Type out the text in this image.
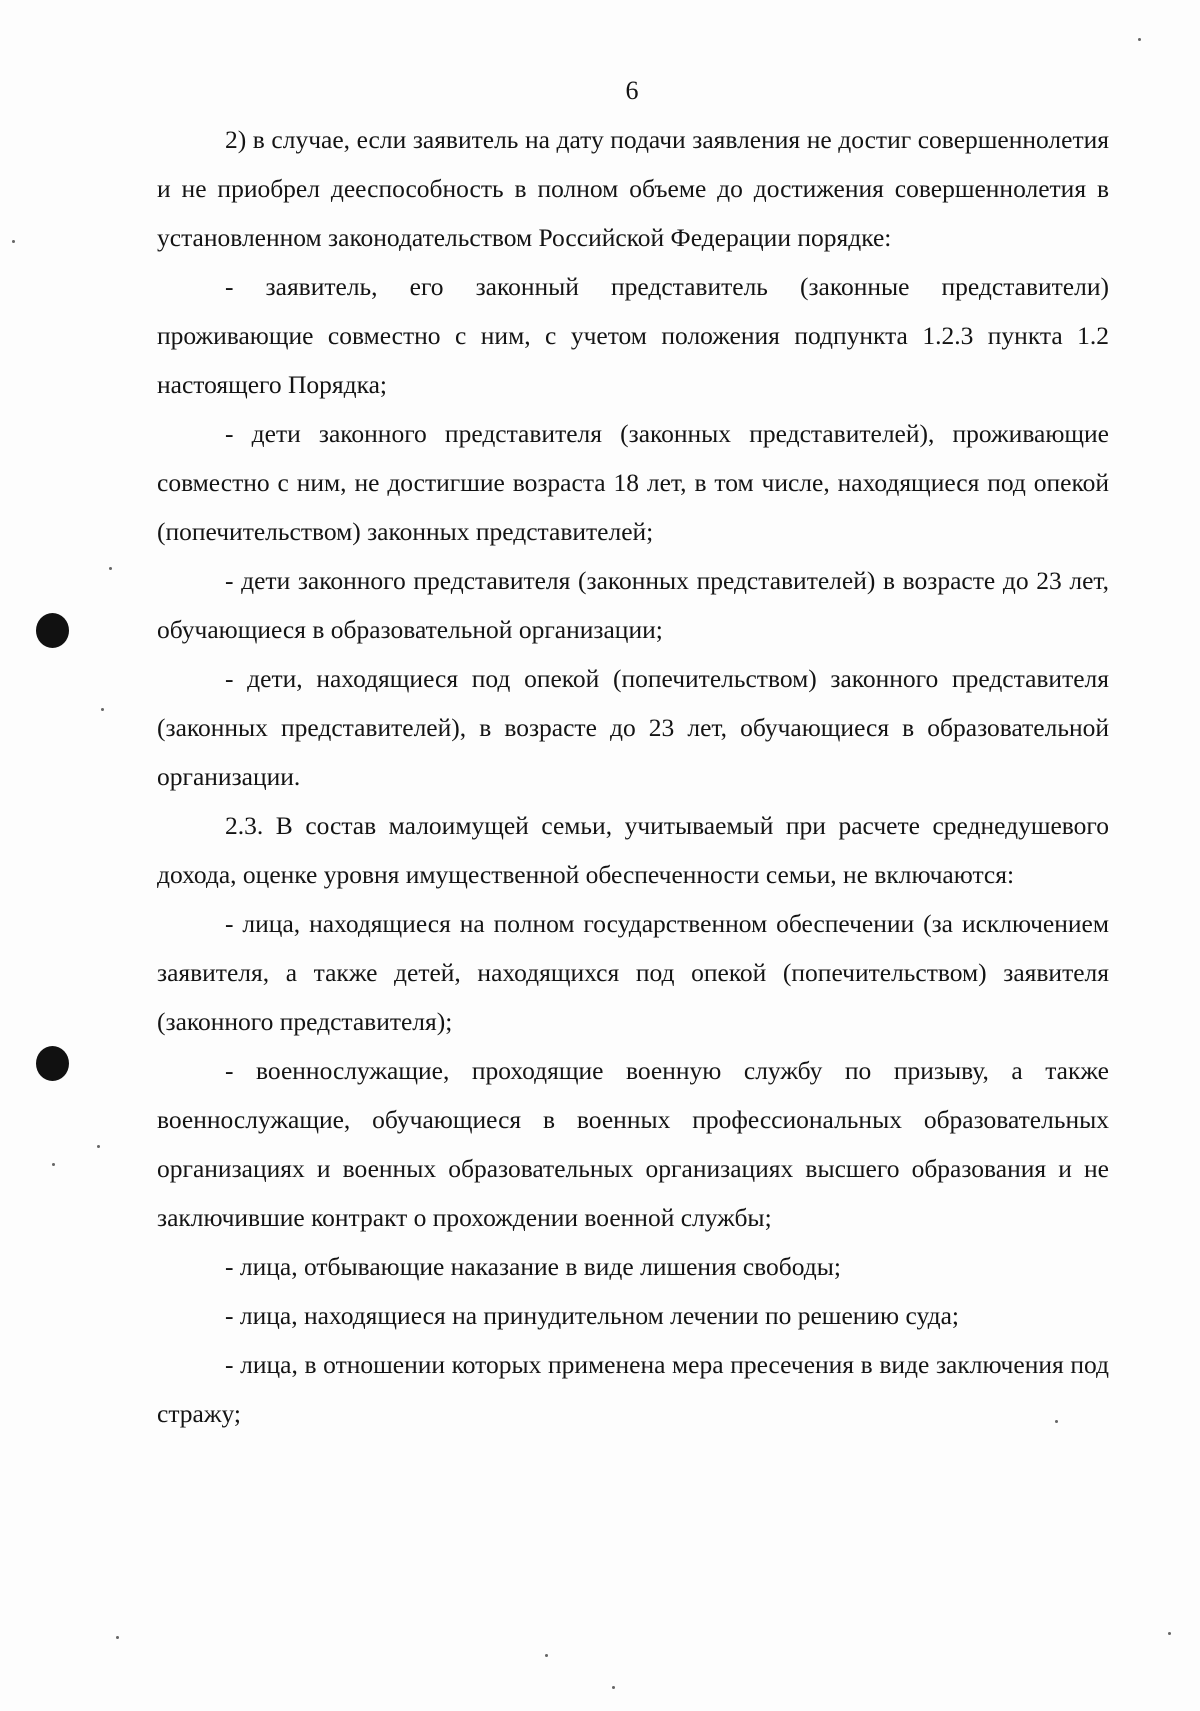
6

2) в случае, если заявитель на дату подачи заявления не достиг совершеннолетия и не приобрел дееспособность в полном объеме до достижения совершеннолетия в установленном законодательством Российской Федерации порядке:

- заявитель, его законный представитель (законные представители) проживающие совместно с ним, с учетом положения подпункта 1.2.3 пункта 1.2 настоящего Порядка;

- дети законного представителя (законных представителей), проживающие совместно с ним, не достигшие возраста 18 лет, в том числе, находящиеся под опекой (попечительством) законных представителей;

- дети законного представителя (законных представителей) в возрасте до 23 лет, обучающиеся в образовательной организации;

- дети, находящиеся под опекой (попечительством) законного представителя (законных представителей), в возрасте до 23 лет, обучающиеся в образовательной организации.

2.3. В состав малоимущей семьи, учитываемый при расчете среднедушевого дохода, оценке уровня имущественной обеспеченности семьи, не включаются:

- лица, находящиеся на полном государственном обеспечении (за исключением заявителя, а также детей, находящихся под опекой (попечительством) заявителя (законного представителя);

- военнослужащие, проходящие военную службу по призыву, а также военнослужащие, обучающиеся в военных профессиональных образовательных организациях и военных образовательных организациях высшего образования и не заключившие контракт о прохождении военной службы;

- лица, отбывающие наказание в виде лишения свободы;

- лица, находящиеся на принудительном лечении по решению суда;

- лица, в отношении которых применена мера пресечения в виде заключения под стражу;
